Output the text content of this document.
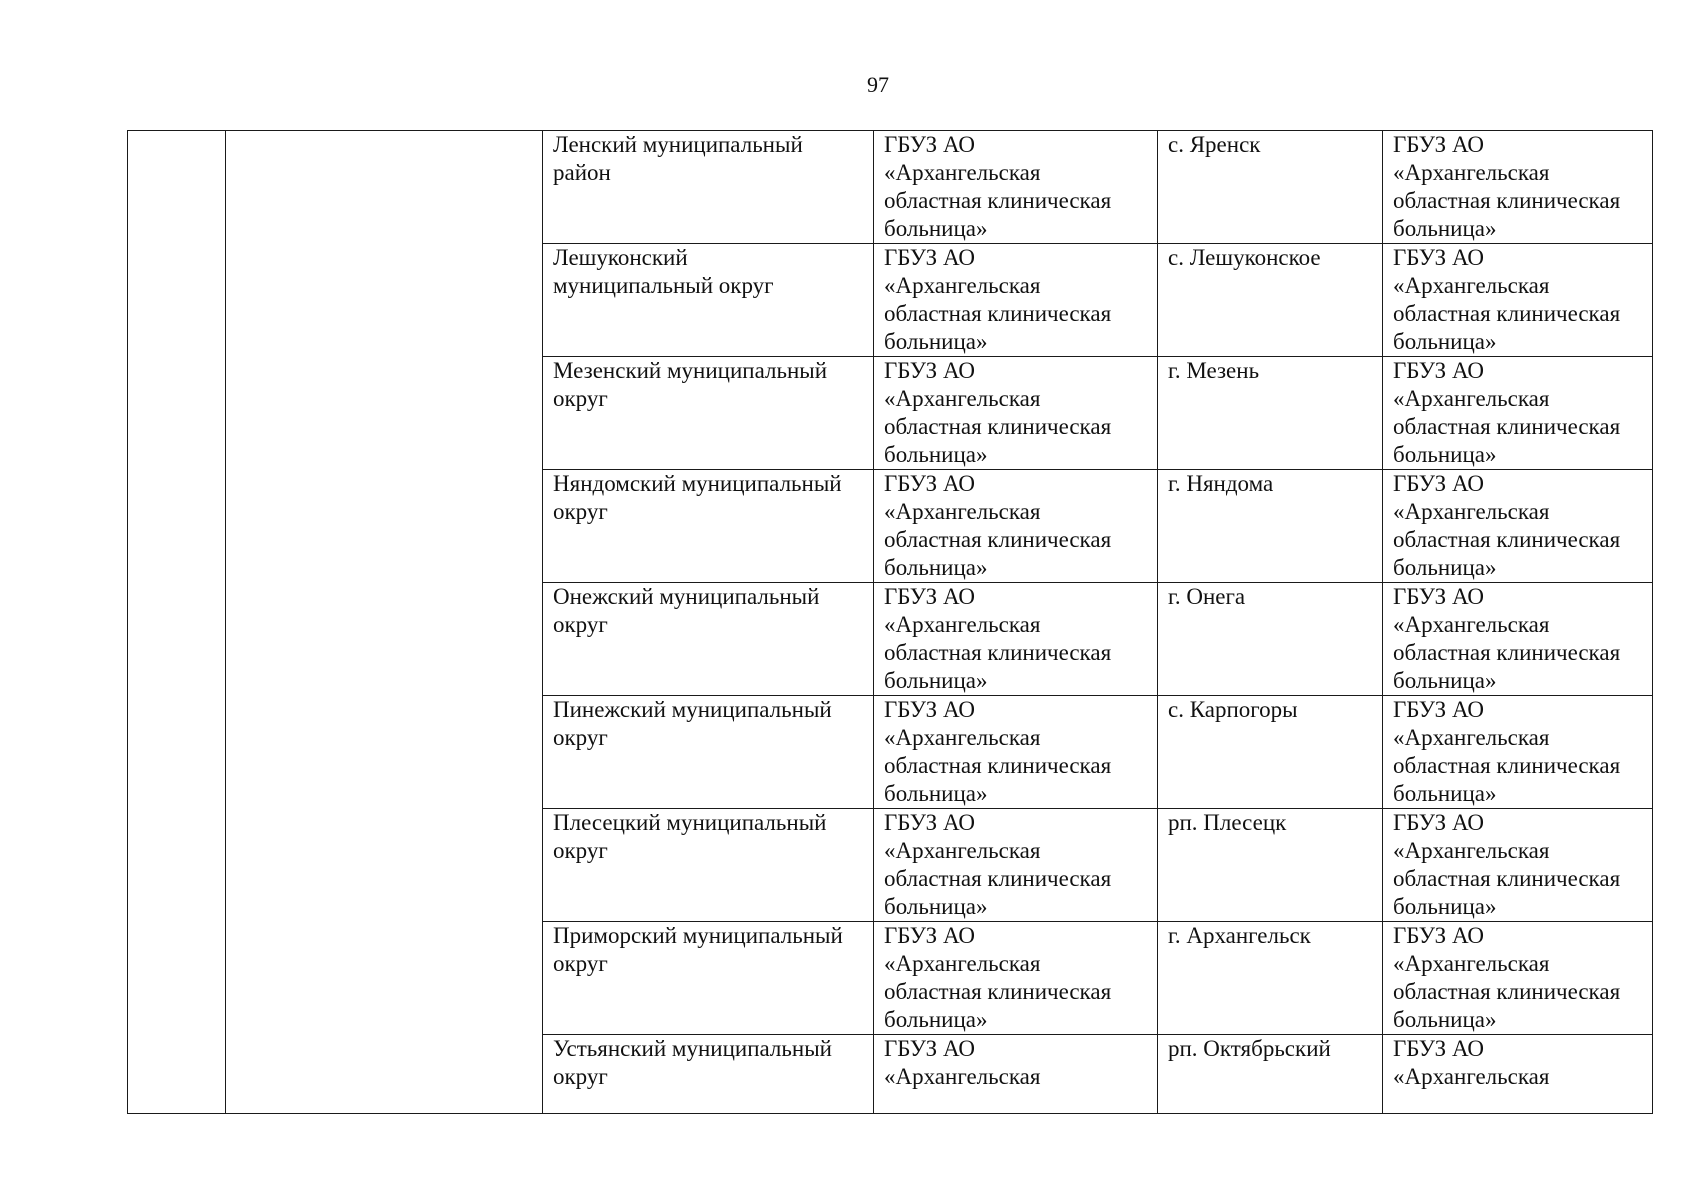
97
		Ленский муниципальный
район	ГБУЗ АО
«Архангельская
областная клиническая
больница»	с. Яренск	ГБУЗ АО
«Архангельская
областная клиническая
больница»
		Лешуконский
муниципальный округ	ГБУЗ АО
«Архангельская
областная клиническая
больница»	с. Лешуконское	ГБУЗ АО
«Архангельская
областная клиническая
больница»
		Мезенский муниципальный
округ	ГБУЗ АО
«Архангельская
областная клиническая
больница»	г. Мезень	ГБУЗ АО
«Архангельская
областная клиническая
больница»
		Няндомский муниципальный
округ	ГБУЗ АО
«Архангельская
областная клиническая
больница»	г. Няндома	ГБУЗ АО
«Архангельская
областная клиническая
больница»
		Онежский муниципальный
округ	ГБУЗ АО
«Архангельская
областная клиническая
больница»	г. Онега	ГБУЗ АО
«Архангельская
областная клиническая
больница»
		Пинежский муниципальный
округ	ГБУЗ АО
«Архангельская
областная клиническая
больница»	с. Карпогоры	ГБУЗ АО
«Архангельская
областная клиническая
больница»
		Плесецкий муниципальный
округ	ГБУЗ АО
«Архангельская
областная клиническая
больница»	рп. Плесецк	ГБУЗ АО
«Архангельская
областная клиническая
больница»
		Приморский муниципальный
округ	ГБУЗ АО
«Архангельская
областная клиническая
больница»	г. Архангельск	ГБУЗ АО
«Архангельская
областная клиническая
больница»
		Устьянский муниципальный
округ	ГБУЗ АО
«Архангельская	рп. Октябрьский	ГБУЗ АО
«Архангельская
